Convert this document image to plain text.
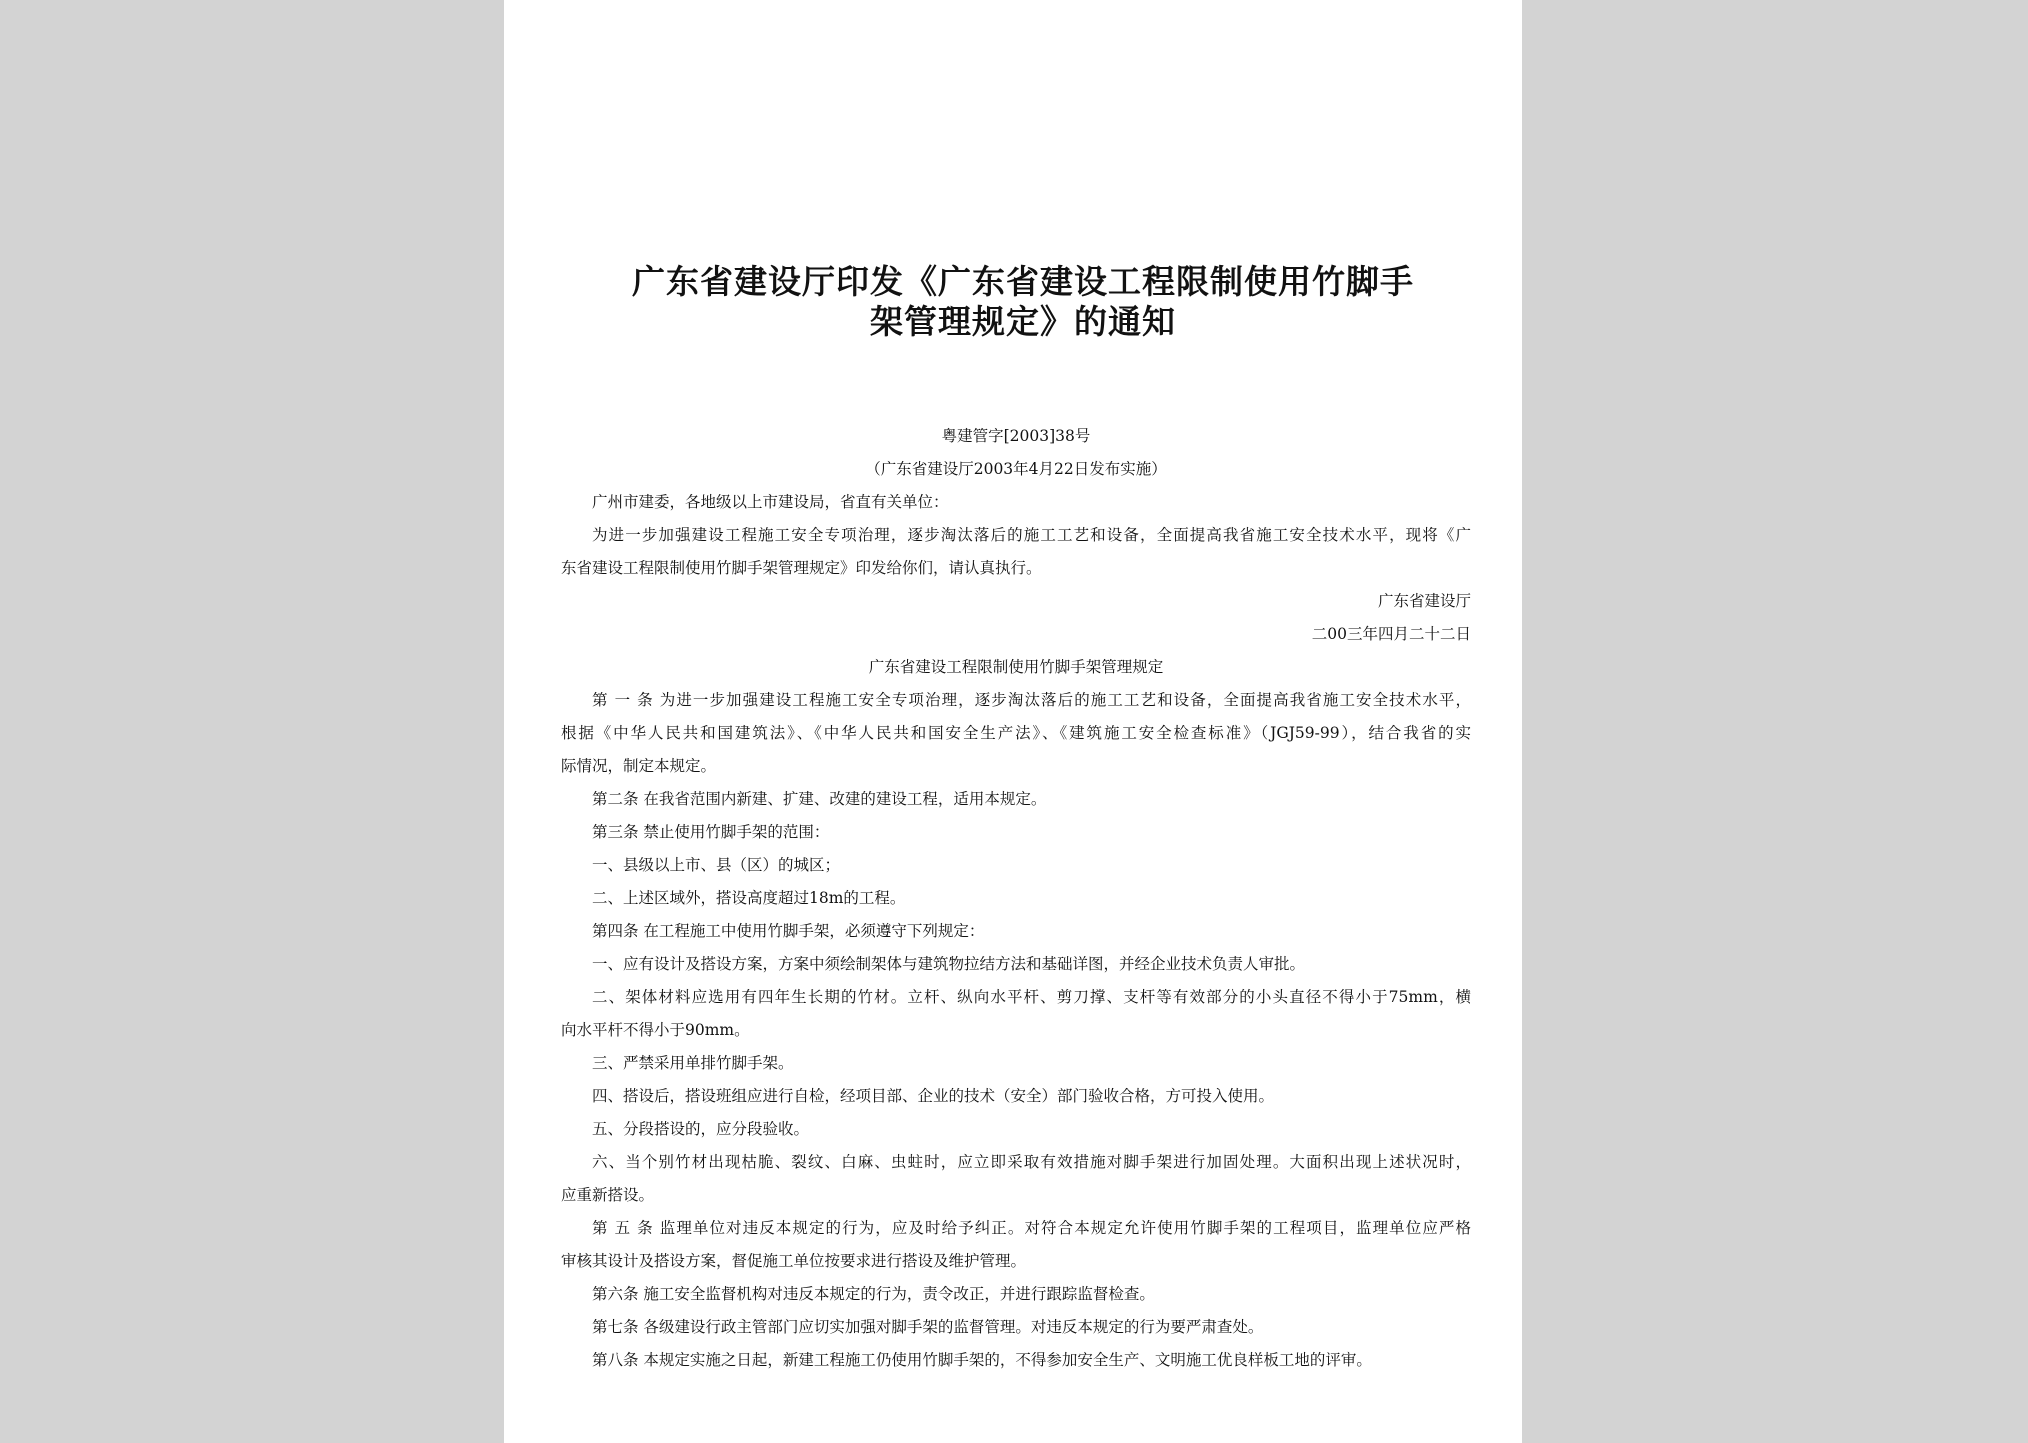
广东省建设厅印发《广东省建设工程限制使用竹脚手
架管理规定》的通知
粤建管字[2003]38号
（广东省建设厅2003年4月22日发布实施）
广州市建委，各地级以上市建设局，省直有关单位：
为进一步加强建设工程施工安全专项治理，逐步淘汰落后的施工工艺和设备，全面提高我省施工安全技术水平，现将《广
东省建设工程限制使用竹脚手架管理规定》印发给你们，请认真执行。
广东省建设厅
二00三年四月二十二日
广东省建设工程限制使用竹脚手架管理规定
第 一 条 为进一步加强建设工程施工安全专项治理，逐步淘汰落后的施工工艺和设备，全面提高我省施工安全技术水平，
根据《中华人民共和国建筑法》、《中华人民共和国安全生产法》、《建筑施工安全检查标准》（JGJ59-99），结合我省的实
际情况，制定本规定。
第二条 在我省范围内新建、扩建、改建的建设工程，适用本规定。
第三条 禁止使用竹脚手架的范围：
一、县级以上市、县（区）的城区；
二、上述区域外，搭设高度超过18m的工程。
第四条 在工程施工中使用竹脚手架，必须遵守下列规定：
一、应有设计及搭设方案，方案中须绘制架体与建筑物拉结方法和基础详图，并经企业技术负责人审批。
二、架体材料应选用有四年生长期的竹材。立杆、纵向水平杆、剪刀撑、支杆等有效部分的小头直径不得小于75mm，横
向水平杆不得小于90mm。
三、严禁采用单排竹脚手架。
四、搭设后，搭设班组应进行自检，经项目部、企业的技术（安全）部门验收合格，方可投入使用。
五、分段搭设的，应分段验收。
六、当个别竹材出现枯脆、裂纹、白麻、虫蛀时，应立即采取有效措施对脚手架进行加固处理。大面积出现上述状况时，
应重新搭设。
第 五 条 监理单位对违反本规定的行为，应及时给予纠正。对符合本规定允许使用竹脚手架的工程项目，监理单位应严格
审核其设计及搭设方案，督促施工单位按要求进行搭设及维护管理。
第六条 施工安全监督机构对违反本规定的行为，责令改正，并进行跟踪监督检查。
第七条 各级建设行政主管部门应切实加强对脚手架的监督管理。对违反本规定的行为要严肃查处。
第八条 本规定实施之日起，新建工程施工仍使用竹脚手架的，不得参加安全生产、文明施工优良样板工地的评审。
